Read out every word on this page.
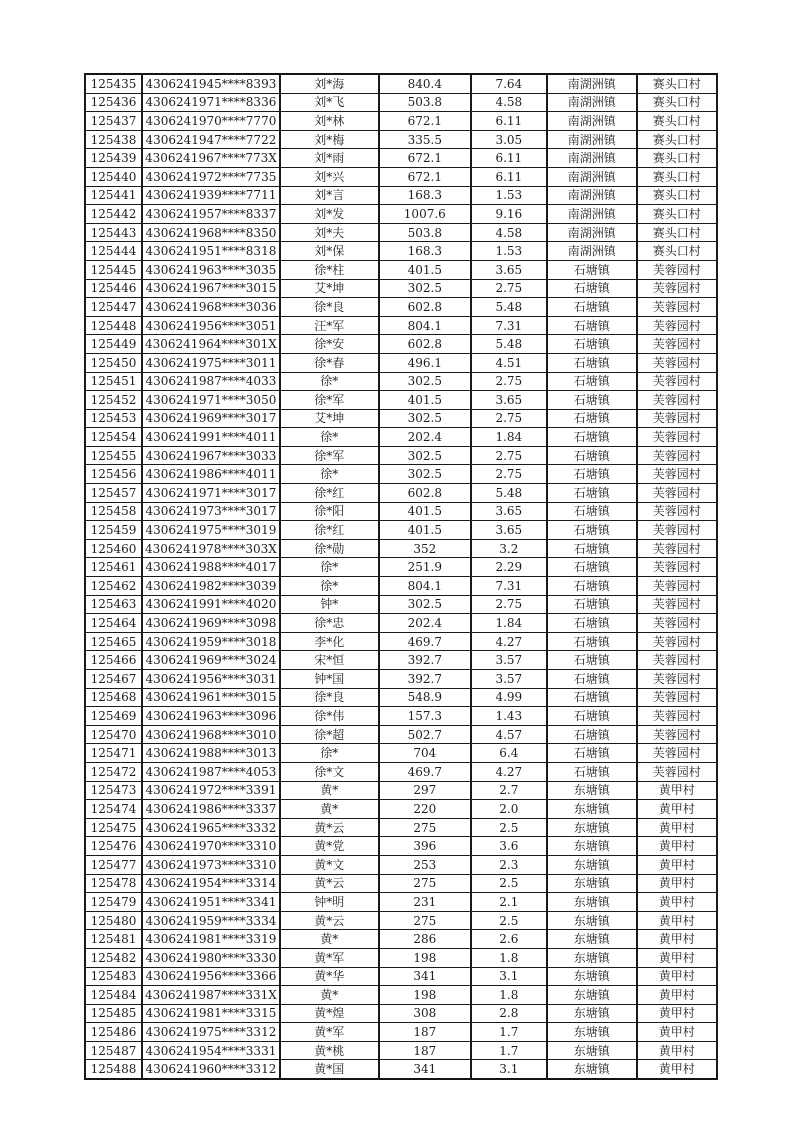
125435	4306241945****8393	刘*海	840.4	7.64	南湖洲镇	赛头口村
125436	4306241971****8336	刘*飞	503.8	4.58	南湖洲镇	赛头口村
125437	4306241970****7770	刘*林	672.1	6.11	南湖洲镇	赛头口村
125438	4306241947****7722	刘*梅	335.5	3.05	南湖洲镇	赛头口村
125439	4306241967****773X	刘*雨	672.1	6.11	南湖洲镇	赛头口村
125440	4306241972****7735	刘*兴	672.1	6.11	南湖洲镇	赛头口村
125441	4306241939****7711	刘*言	168.3	1.53	南湖洲镇	赛头口村
125442	4306241957****8337	刘*发	1007.6	9.16	南湖洲镇	赛头口村
125443	4306241968****8350	刘*夫	503.8	4.58	南湖洲镇	赛头口村
125444	4306241951****8318	刘*保	168.3	1.53	南湖洲镇	赛头口村
125445	4306241963****3035	徐*柱	401.5	3.65	石塘镇	芙蓉园村
125446	4306241967****3015	艾*坤	302.5	2.75	石塘镇	芙蓉园村
125447	4306241968****3036	徐*良	602.8	5.48	石塘镇	芙蓉园村
125448	4306241956****3051	汪*军	804.1	7.31	石塘镇	芙蓉园村
125449	4306241964****301X	徐*安	602.8	5.48	石塘镇	芙蓉园村
125450	4306241975****3011	徐*春	496.1	4.51	石塘镇	芙蓉园村
125451	4306241987****4033	徐*	302.5	2.75	石塘镇	芙蓉园村
125452	4306241971****3050	徐*军	401.5	3.65	石塘镇	芙蓉园村
125453	4306241969****3017	艾*坤	302.5	2.75	石塘镇	芙蓉园村
125454	4306241991****4011	徐*	202.4	1.84	石塘镇	芙蓉园村
125455	4306241967****3033	徐*军	302.5	2.75	石塘镇	芙蓉园村
125456	4306241986****4011	徐*	302.5	2.75	石塘镇	芙蓉园村
125457	4306241971****3017	徐*红	602.8	5.48	石塘镇	芙蓉园村
125458	4306241973****3017	徐*阳	401.5	3.65	石塘镇	芙蓉园村
125459	4306241975****3019	徐*红	401.5	3.65	石塘镇	芙蓉园村
125460	4306241978****303X	徐*勋	352	3.2	石塘镇	芙蓉园村
125461	4306241988****4017	徐*	251.9	2.29	石塘镇	芙蓉园村
125462	4306241982****3039	徐*	804.1	7.31	石塘镇	芙蓉园村
125463	4306241991****4020	钟*	302.5	2.75	石塘镇	芙蓉园村
125464	4306241969****3098	徐*忠	202.4	1.84	石塘镇	芙蓉园村
125465	4306241959****3018	李*化	469.7	4.27	石塘镇	芙蓉园村
125466	4306241969****3024	宋*恒	392.7	3.57	石塘镇	芙蓉园村
125467	4306241956****3031	钟*国	392.7	3.57	石塘镇	芙蓉园村
125468	4306241961****3015	徐*良	548.9	4.99	石塘镇	芙蓉园村
125469	4306241963****3096	徐*伟	157.3	1.43	石塘镇	芙蓉园村
125470	4306241968****3010	徐*超	502.7	4.57	石塘镇	芙蓉园村
125471	4306241988****3013	徐*	704	6.4	石塘镇	芙蓉园村
125472	4306241987****4053	徐*文	469.7	4.27	石塘镇	芙蓉园村
125473	4306241972****3391	黄*	297	2.7	东塘镇	黄甲村
125474	4306241986****3337	黄*	220	2.0	东塘镇	黄甲村
125475	4306241965****3332	黄*云	275	2.5	东塘镇	黄甲村
125476	4306241970****3310	黄*党	396	3.6	东塘镇	黄甲村
125477	4306241973****3310	黄*文	253	2.3	东塘镇	黄甲村
125478	4306241954****3314	黄*云	275	2.5	东塘镇	黄甲村
125479	4306241951****3341	钟*明	231	2.1	东塘镇	黄甲村
125480	4306241959****3334	黄*云	275	2.5	东塘镇	黄甲村
125481	4306241981****3319	黄*	286	2.6	东塘镇	黄甲村
125482	4306241980****3330	黄*军	198	1.8	东塘镇	黄甲村
125483	4306241956****3366	黄*华	341	3.1	东塘镇	黄甲村
125484	4306241987****331X	黄*	198	1.8	东塘镇	黄甲村
125485	4306241981****3315	黄*煌	308	2.8	东塘镇	黄甲村
125486	4306241975****3312	黄*军	187	1.7	东塘镇	黄甲村
125487	4306241954****3331	黄*桃	187	1.7	东塘镇	黄甲村
125488	4306241960****3312	黄*国	341	3.1	东塘镇	黄甲村
